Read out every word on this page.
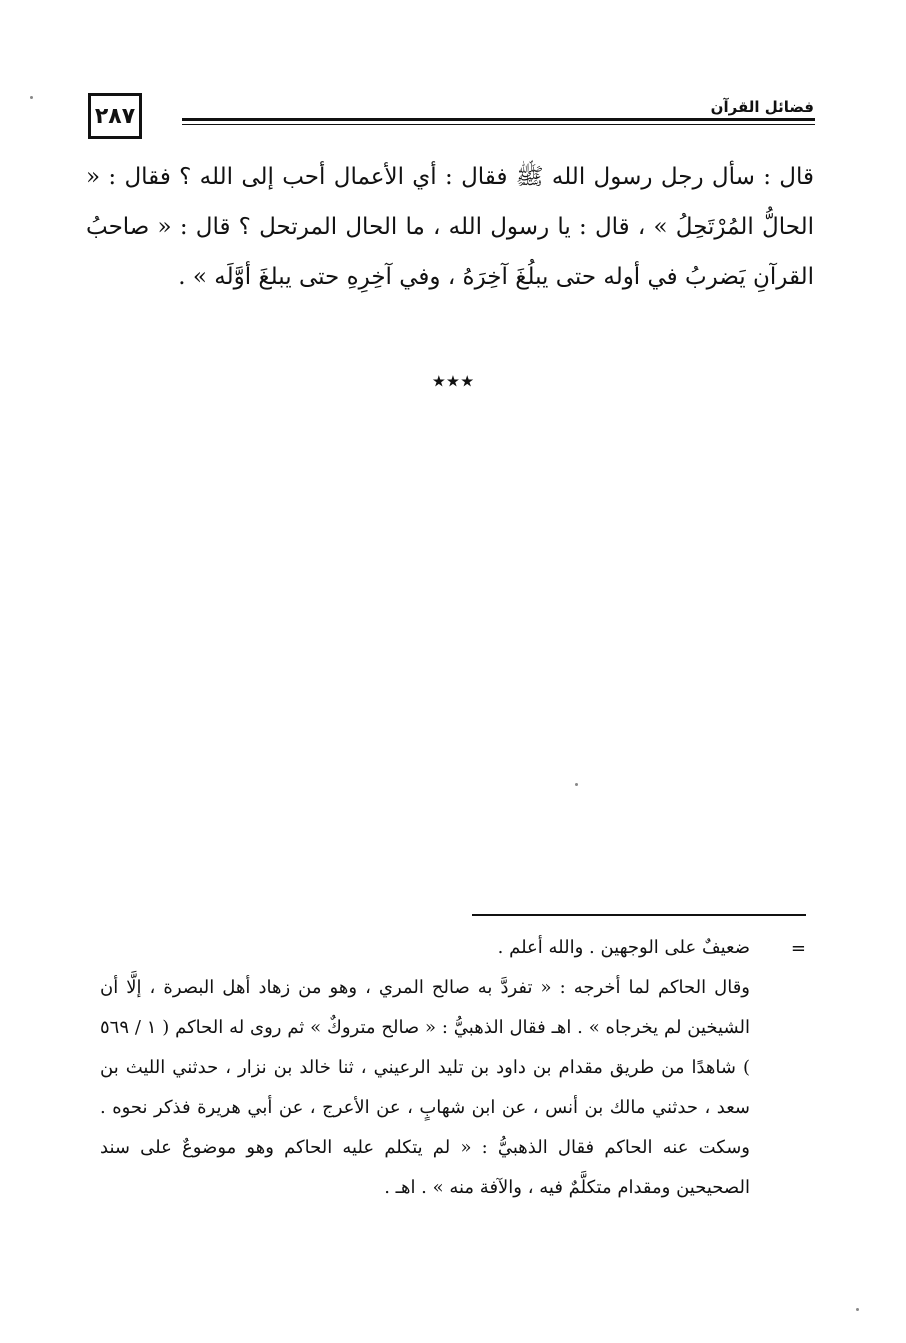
٢٨٧	فضائل القرآن

قال : سأل رجل رسول الله ﷺ فقال : أي الأعمال أحب إلى الله ؟ فقال : « الحالُّ المُرْتَحِلُ » ، قال : يا رسول الله ، ما الحال المرتحل ؟ قال : « صاحبُ القرآنِ يَضربُ في أوله حتى يبلُغَ آخِرَهُ ، وفي آخِرِهِ حتى يبلغَ أوَّلَه » .

٭٭٭
=

ضعيفٌ على الوجهين . والله أعلم .

وقال الحاكم لما أخرجه : « تفردَّ به صالح المري ، وهو من زهاد أهل البصرة ، إلَّا أن الشيخين لم يخرجاه » . اهـ فقال الذهبيُّ : « صالح متروكٌ » ثم روى له الحاكم ( ١ / ٥٦٩ ) شاهدًا من طريق مقدام بن داود بن تليد الرعيني ، ثنا خالد بن نزار ، حدثني الليث بن سعد ، حدثني مالك بن أنس ، عن ابن شهابٍ ، عن الأعرج ، عن أبي هريرة فذكر نحوه . وسكت عنه الحاكم فقال الذهبيُّ : « لم يتكلم عليه الحاكم وهو موضوعٌ على سند الصحيحين ومقدام متكلَّمٌ فيه ، والآفة منه » . اهـ .
